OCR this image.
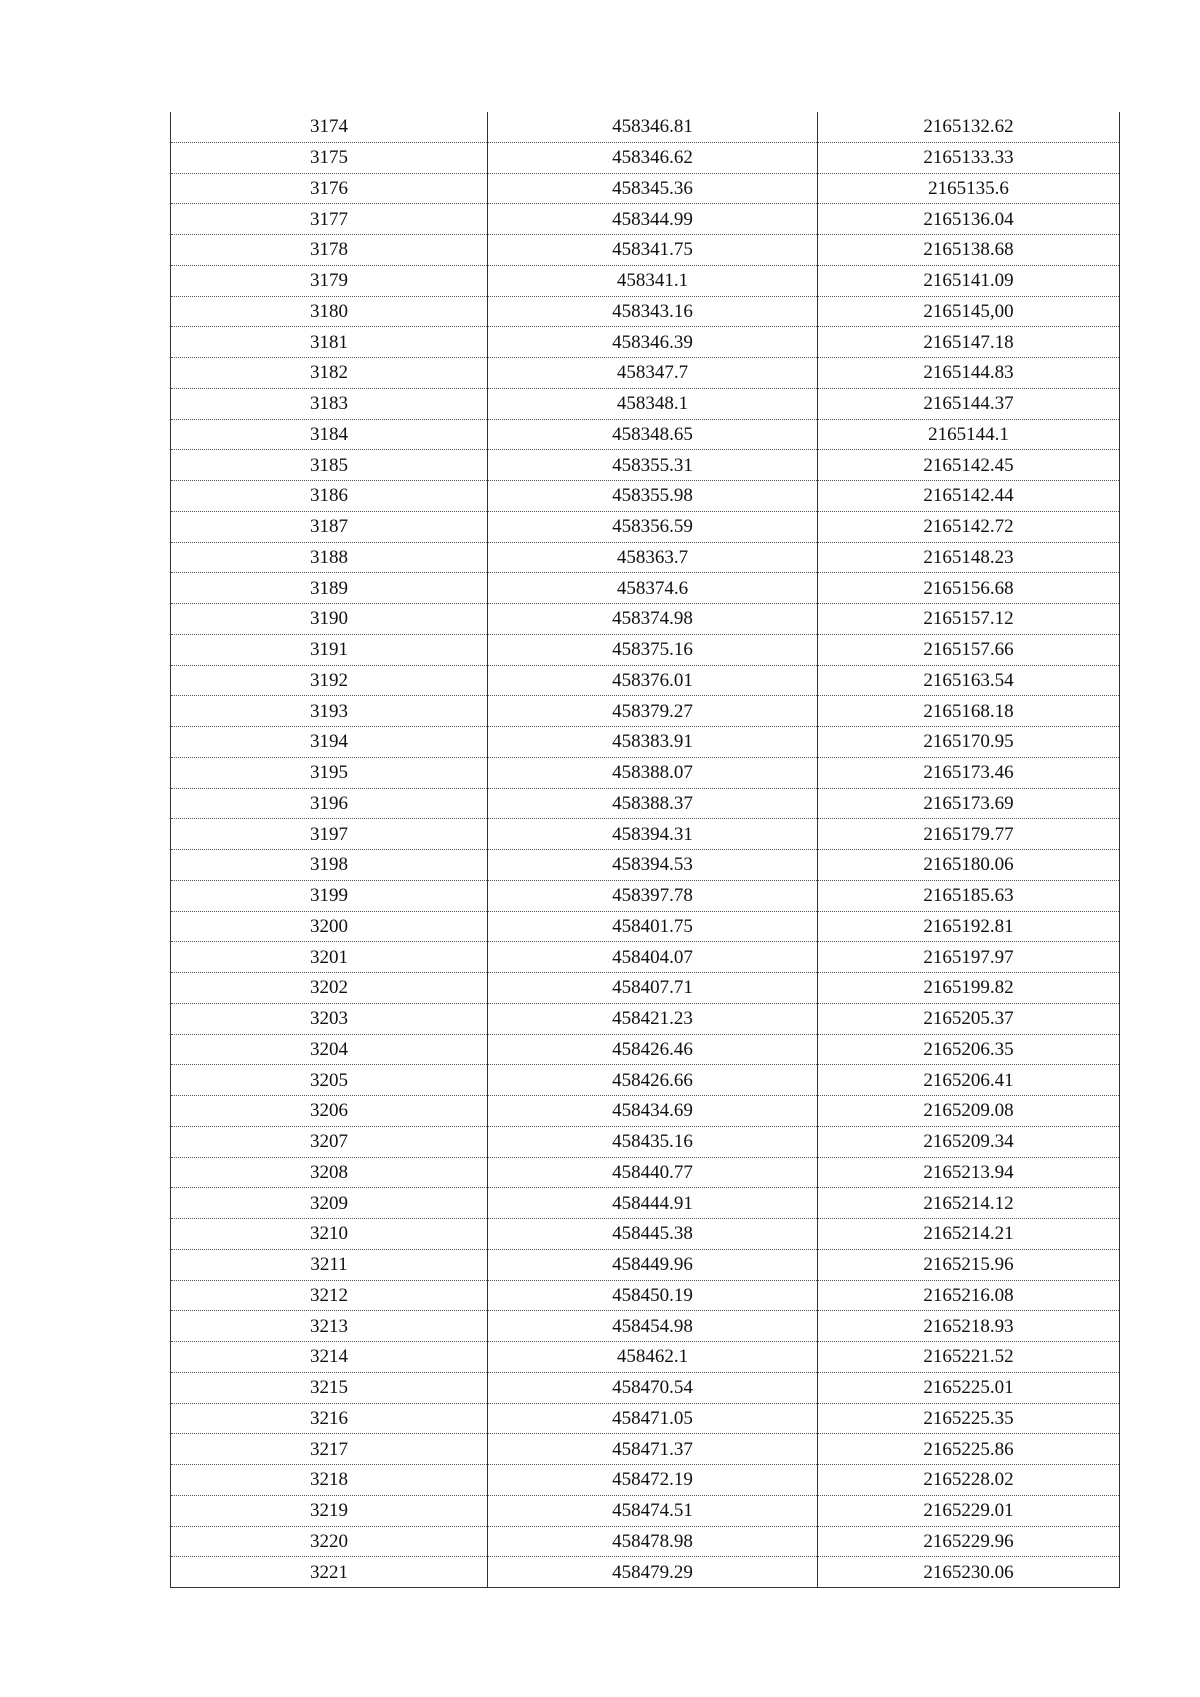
3174	458346.81	2165132.62
3175	458346.62	2165133.33
3176	458345.36	2165135.6
3177	458344.99	2165136.04
3178	458341.75	2165138.68
3179	458341.1	2165141.09
3180	458343.16	2165145,00
3181	458346.39	2165147.18
3182	458347.7	2165144.83
3183	458348.1	2165144.37
3184	458348.65	2165144.1
3185	458355.31	2165142.45
3186	458355.98	2165142.44
3187	458356.59	2165142.72
3188	458363.7	2165148.23
3189	458374.6	2165156.68
3190	458374.98	2165157.12
3191	458375.16	2165157.66
3192	458376.01	2165163.54
3193	458379.27	2165168.18
3194	458383.91	2165170.95
3195	458388.07	2165173.46
3196	458388.37	2165173.69
3197	458394.31	2165179.77
3198	458394.53	2165180.06
3199	458397.78	2165185.63
3200	458401.75	2165192.81
3201	458404.07	2165197.97
3202	458407.71	2165199.82
3203	458421.23	2165205.37
3204	458426.46	2165206.35
3205	458426.66	2165206.41
3206	458434.69	2165209.08
3207	458435.16	2165209.34
3208	458440.77	2165213.94
3209	458444.91	2165214.12
3210	458445.38	2165214.21
3211	458449.96	2165215.96
3212	458450.19	2165216.08
3213	458454.98	2165218.93
3214	458462.1	2165221.52
3215	458470.54	2165225.01
3216	458471.05	2165225.35
3217	458471.37	2165225.86
3218	458472.19	2165228.02
3219	458474.51	2165229.01
3220	458478.98	2165229.96
3221	458479.29	2165230.06
